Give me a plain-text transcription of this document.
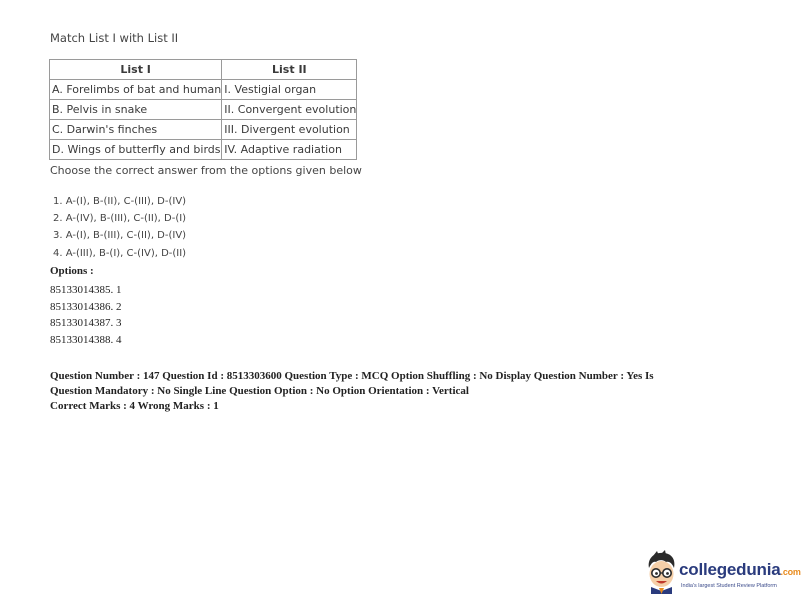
Match List I with List II
List I	List II
A. Forelimbs of bat and human	I. Vestigial organ
B. Pelvis in snake	II. Convergent evolution
C. Darwin's finches	III. Divergent evolution
D. Wings of butterfly and birds	IV. Adaptive radiation
Choose the correct answer from the options given below
1. A-(I), B-(II), C-(III), D-(IV)
2. A-(IV), B-(III), C-(II), D-(I)
3. A-(I), B-(III), C-(II), D-(IV)
4. A-(III), B-(I), C-(IV), D-(II)
Options :
85133014385. 1
85133014386. 2
85133014387. 3
85133014388. 4
Question Number : 147 Question Id : 8513303600 Question Type : MCQ Option Shuffling : No Display Question Number : Yes Is
Question Mandatory : No Single Line Question Option : No Option Orientation : Vertical
Correct Marks : 4 Wrong Marks : 1
collegedunia.com
India's largest Student Review Platform
